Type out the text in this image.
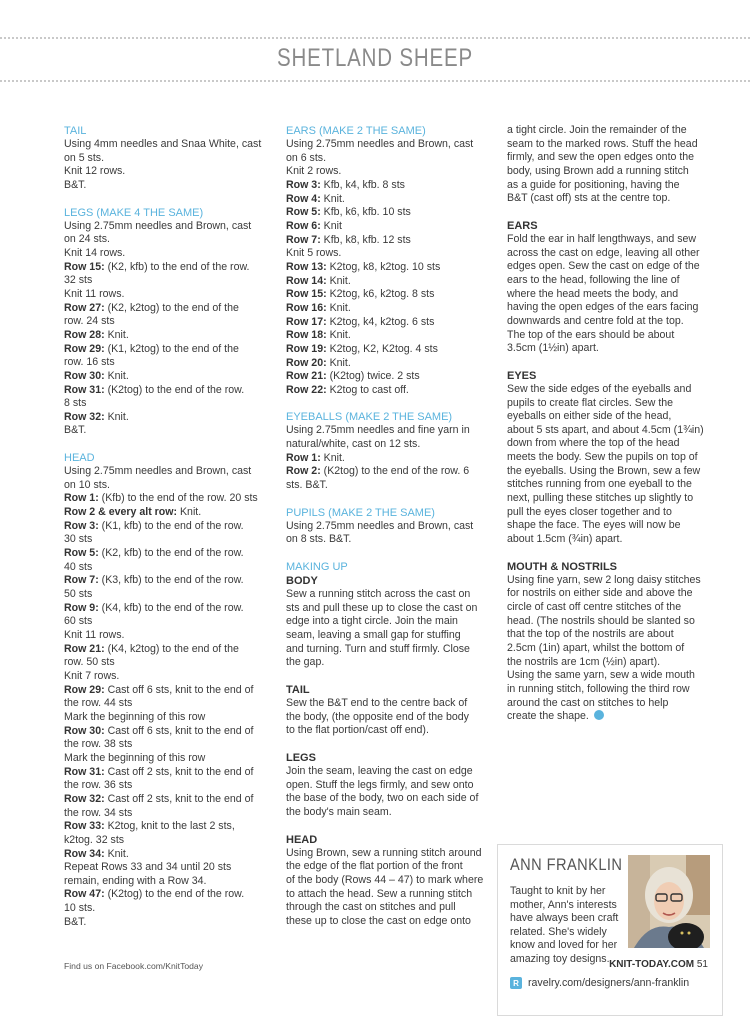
SHETLAND SHEEP
TAIL
Using 4mm needles and Snaa White, cast
on 5 sts.
Knit 12 rows.
B&T.
LEGS (MAKE 4 THE SAME)
Using 2.75mm needles and Brown, cast
on 24 sts.
Knit 14 rows.
Row 15: (K2, kfb) to the end of the row.
32 sts
Knit 11 rows.
Row 27: (K2, k2tog) to the end of the
row. 24 sts
Row 28: Knit.
Row 29: (K1, k2tog) to the end of the
row. 16 sts
Row 30: Knit.
Row 31: (K2tog) to the end of the row.
8 sts
Row 32: Knit.
B&T.
HEAD
Using 2.75mm needles and Brown, cast
on 10 sts.
Row 1: (Kfb) to the end of the row. 20 sts
Row 2 & every alt row: Knit.
Row 3: (K1, kfb) to the end of the row.
30 sts
Row 5: (K2, kfb) to the end of the row.
40 sts
Row 7: (K3, kfb) to the end of the row.
50 sts
Row 9: (K4, kfb) to the end of the row.
60 sts
Knit 11 rows.
Row 21: (K4, k2tog) to the end of the
row. 50 sts
Knit 7 rows.
Row 29: Cast off 6 sts, knit to the end of
the row. 44 sts
Mark the beginning of this row
Row 30: Cast off 6 sts, knit to the end of
the row. 38 sts
Mark the beginning of this row
Row 31: Cast off 2 sts, knit to the end of
the row. 36 sts
Row 32: Cast off 2 sts, knit to the end of
the row. 34 sts
Row 33: K2tog, knit to the last 2 sts,
k2tog. 32 sts
Row 34: Knit.
Repeat Rows 33 and 34 until 20 sts
remain, ending with a Row 34.
Row 47: (K2tog) to the end of the row.
10 sts.
B&T.
EARS (MAKE 2 THE SAME)
Using 2.75mm needles and Brown, cast
on 6 sts.
Knit 2 rows.
Row 3: Kfb, k4, kfb. 8 sts
Row 4: Knit.
Row 5: Kfb, k6, kfb. 10 sts
Row 6: Knit
Row 7: Kfb, k8, kfb. 12 sts
Knit 5 rows.
Row 13: K2tog, k8, k2tog. 10 sts
Row 14: Knit.
Row 15: K2tog, k6, k2tog. 8 sts
Row 16: Knit.
Row 17: K2tog, k4, k2tog. 6 sts
Row 18: Knit.
Row 19: K2tog, K2, K2tog. 4 sts
Row 20: Knit.
Row 21: (K2tog) twice. 2 sts
Row 22: K2tog to cast off.
EYEBALLS (MAKE 2 THE SAME)
Using 2.75mm needles and fine yarn in
natural/white, cast on 12 sts.
Row 1: Knit.
Row 2: (K2tog) to the end of the row. 6
sts. B&T.
PUPILS (MAKE 2 THE SAME)
Using 2.75mm needles and Brown, cast
on 8 sts. B&T.
MAKING UP
BODY
Sew a running stitch across the cast on
sts and pull these up to close the cast on
edge into a tight circle. Join the main
seam, leaving a small gap for stuffing
and turning. Turn and stuff firmly. Close
the gap.
TAIL
Sew the B&T end to the centre back of
the body, (the opposite end of the body
to the flat portion/cast off end).
LEGS
Join the seam, leaving the cast on edge
open. Stuff the legs firmly, and sew onto
the base of the body, two on each side of
the body's main seam.
HEAD
Using Brown, sew a running stitch around
the edge of the flat portion of the front
of the body (Rows 44 – 47) to mark where
to attach the head. Sew a running stitch
through the cast on stitches and pull
these up to close the cast on edge onto
a tight circle. Join the remainder of the
seam to the marked rows. Stuff the head
firmly, and sew the open edges onto the
body, using Brown add a running stitch
as a guide for positioning, having the
B&T (cast off) sts at the centre top.
EARS
Fold the ear in half lengthways, and sew
across the cast on edge, leaving all other
edges open. Sew the cast on edge of the
ears to the head, following the line of
where the head meets the body, and
having the open edges of the ears facing
downwards and centre fold at the top.
The top of the ears should be about
3.5cm (1½in) apart.
EYES
Sew the side edges of the eyeballs and
pupils to create flat circles. Sew the
eyeballs on either side of the head,
about 5 sts apart, and about 4.5cm (1¾in)
down from where the top of the head
meets the body. Sew the pupils on top of
the eyeballs. Using the Brown, sew a few
stitches running from one eyeball to the
next, pulling these stitches up slightly to
pull the eyes closer together and to
shape the face. The eyes will now be
about 1.5cm (¾in) apart.
MOUTH & NOSTRILS
Using fine yarn, sew 2 long daisy stitches
for nostrils on either side and above the
circle of cast off centre stitches of the
head. (The nostrils should be slanted so
that the top of the nostrils are about
2.5cm (1in) apart, whilst the bottom of
the nostrils are 1cm (½in) apart).
Using the same yarn, sew a wide mouth
in running stitch, following the third row
around the cast on stitches to help
create the shape.
ANN FRANKLIN
Taught to knit by her
mother, Ann's interests
have always been craft
related. She's widely
know and loved for her
amazing toy designs.
R ravelry.com/designers/ann-franklin
Find us on Facebook.com/KnitToday	KNIT-TODAY.COM 51
